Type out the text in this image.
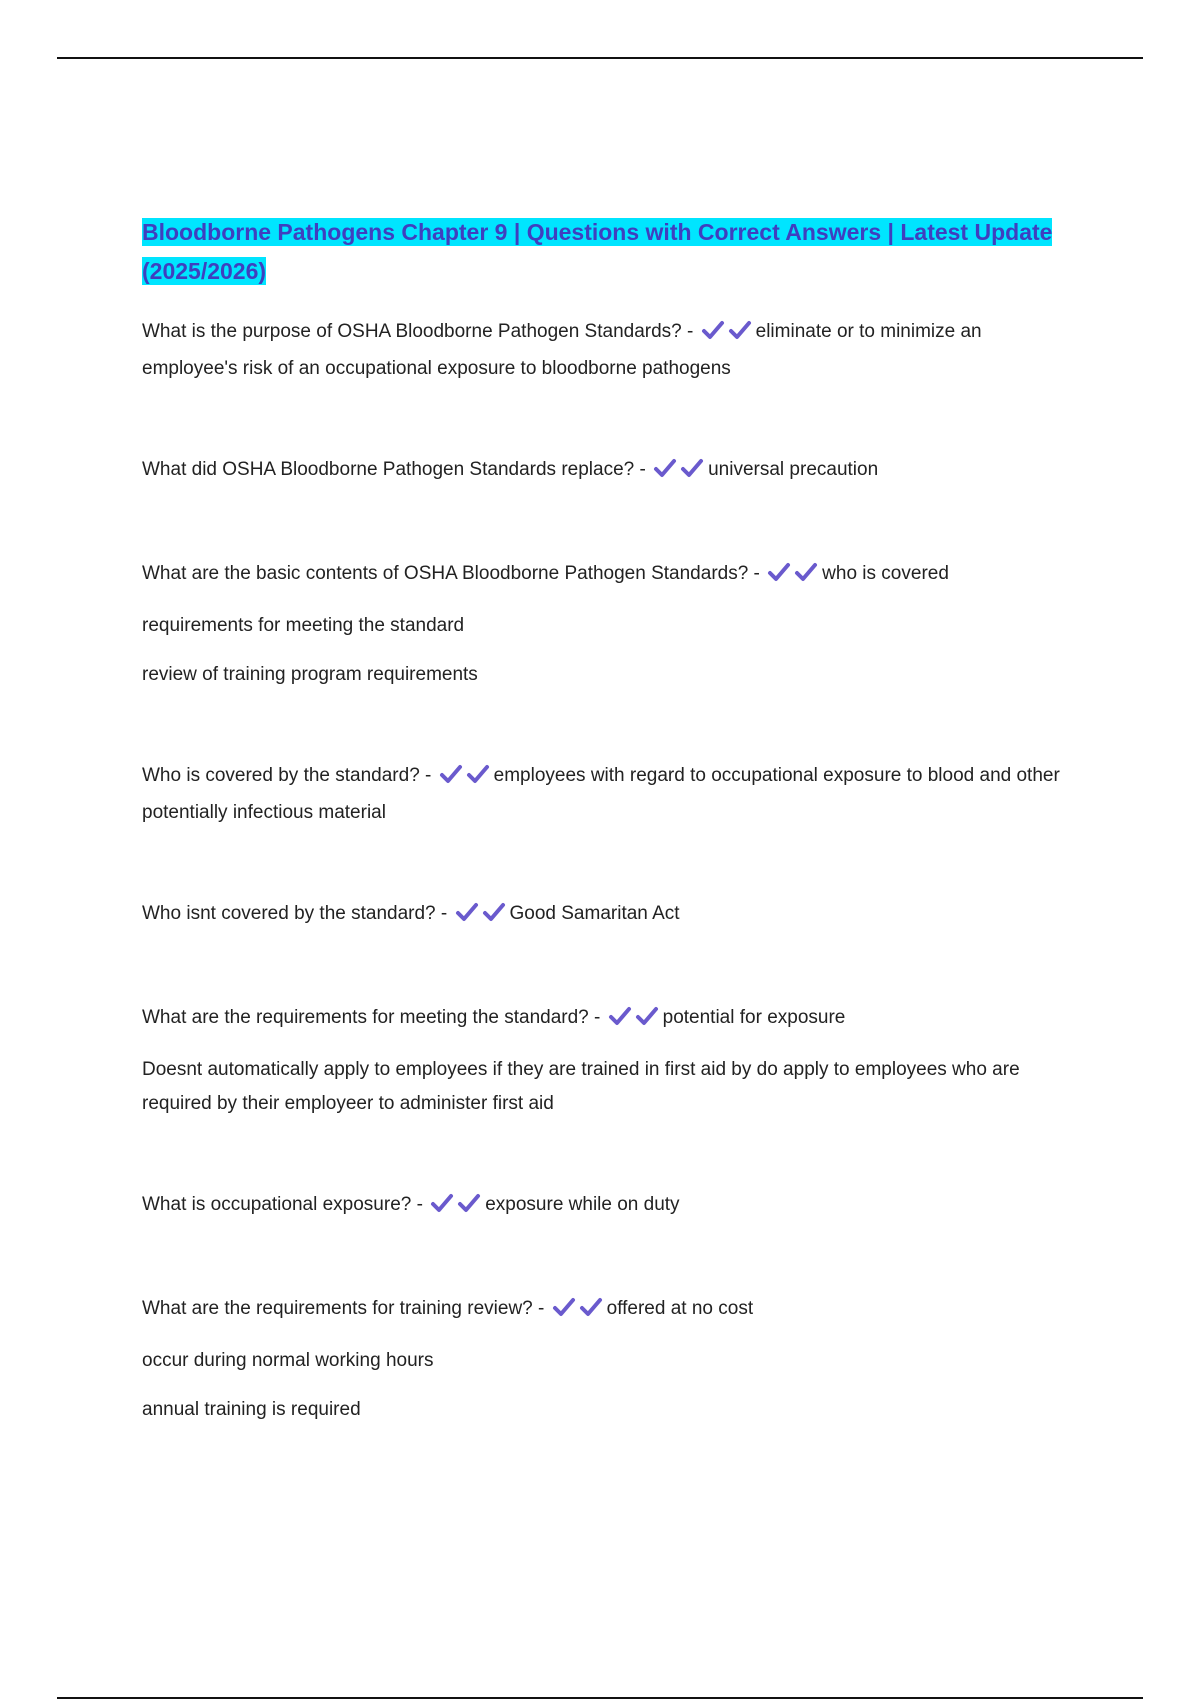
Bloodborne Pathogens Chapter 9 | Questions with Correct Answers | Latest Update (2025/2026)

What is the purpose of OSHA Bloodborne Pathogen Standards? -	eliminate or to minimize an employee's risk of an occupational exposure to bloodborne pathogens

What did OSHA Bloodborne Pathogen Standards replace? -	universal precaution

What are the basic contents of OSHA Bloodborne Pathogen Standards? -	who is covered

requirements for meeting the standard

review of training program requirements

Who is covered by the standard? -	employees with regard to occupational exposure to blood and other potentially infectious material

Who isnt covered by the standard? -	Good Samaritan Act

What are the requirements for meeting the standard? -	potential for exposure

Doesnt automatically apply to employees if they are trained in first aid by do apply to employees who are required by their employeer to administer first aid

What is occupational exposure? -	exposure while on duty

What are the requirements for training review? -	offered at no cost

occur during normal working hours

annual training is required
